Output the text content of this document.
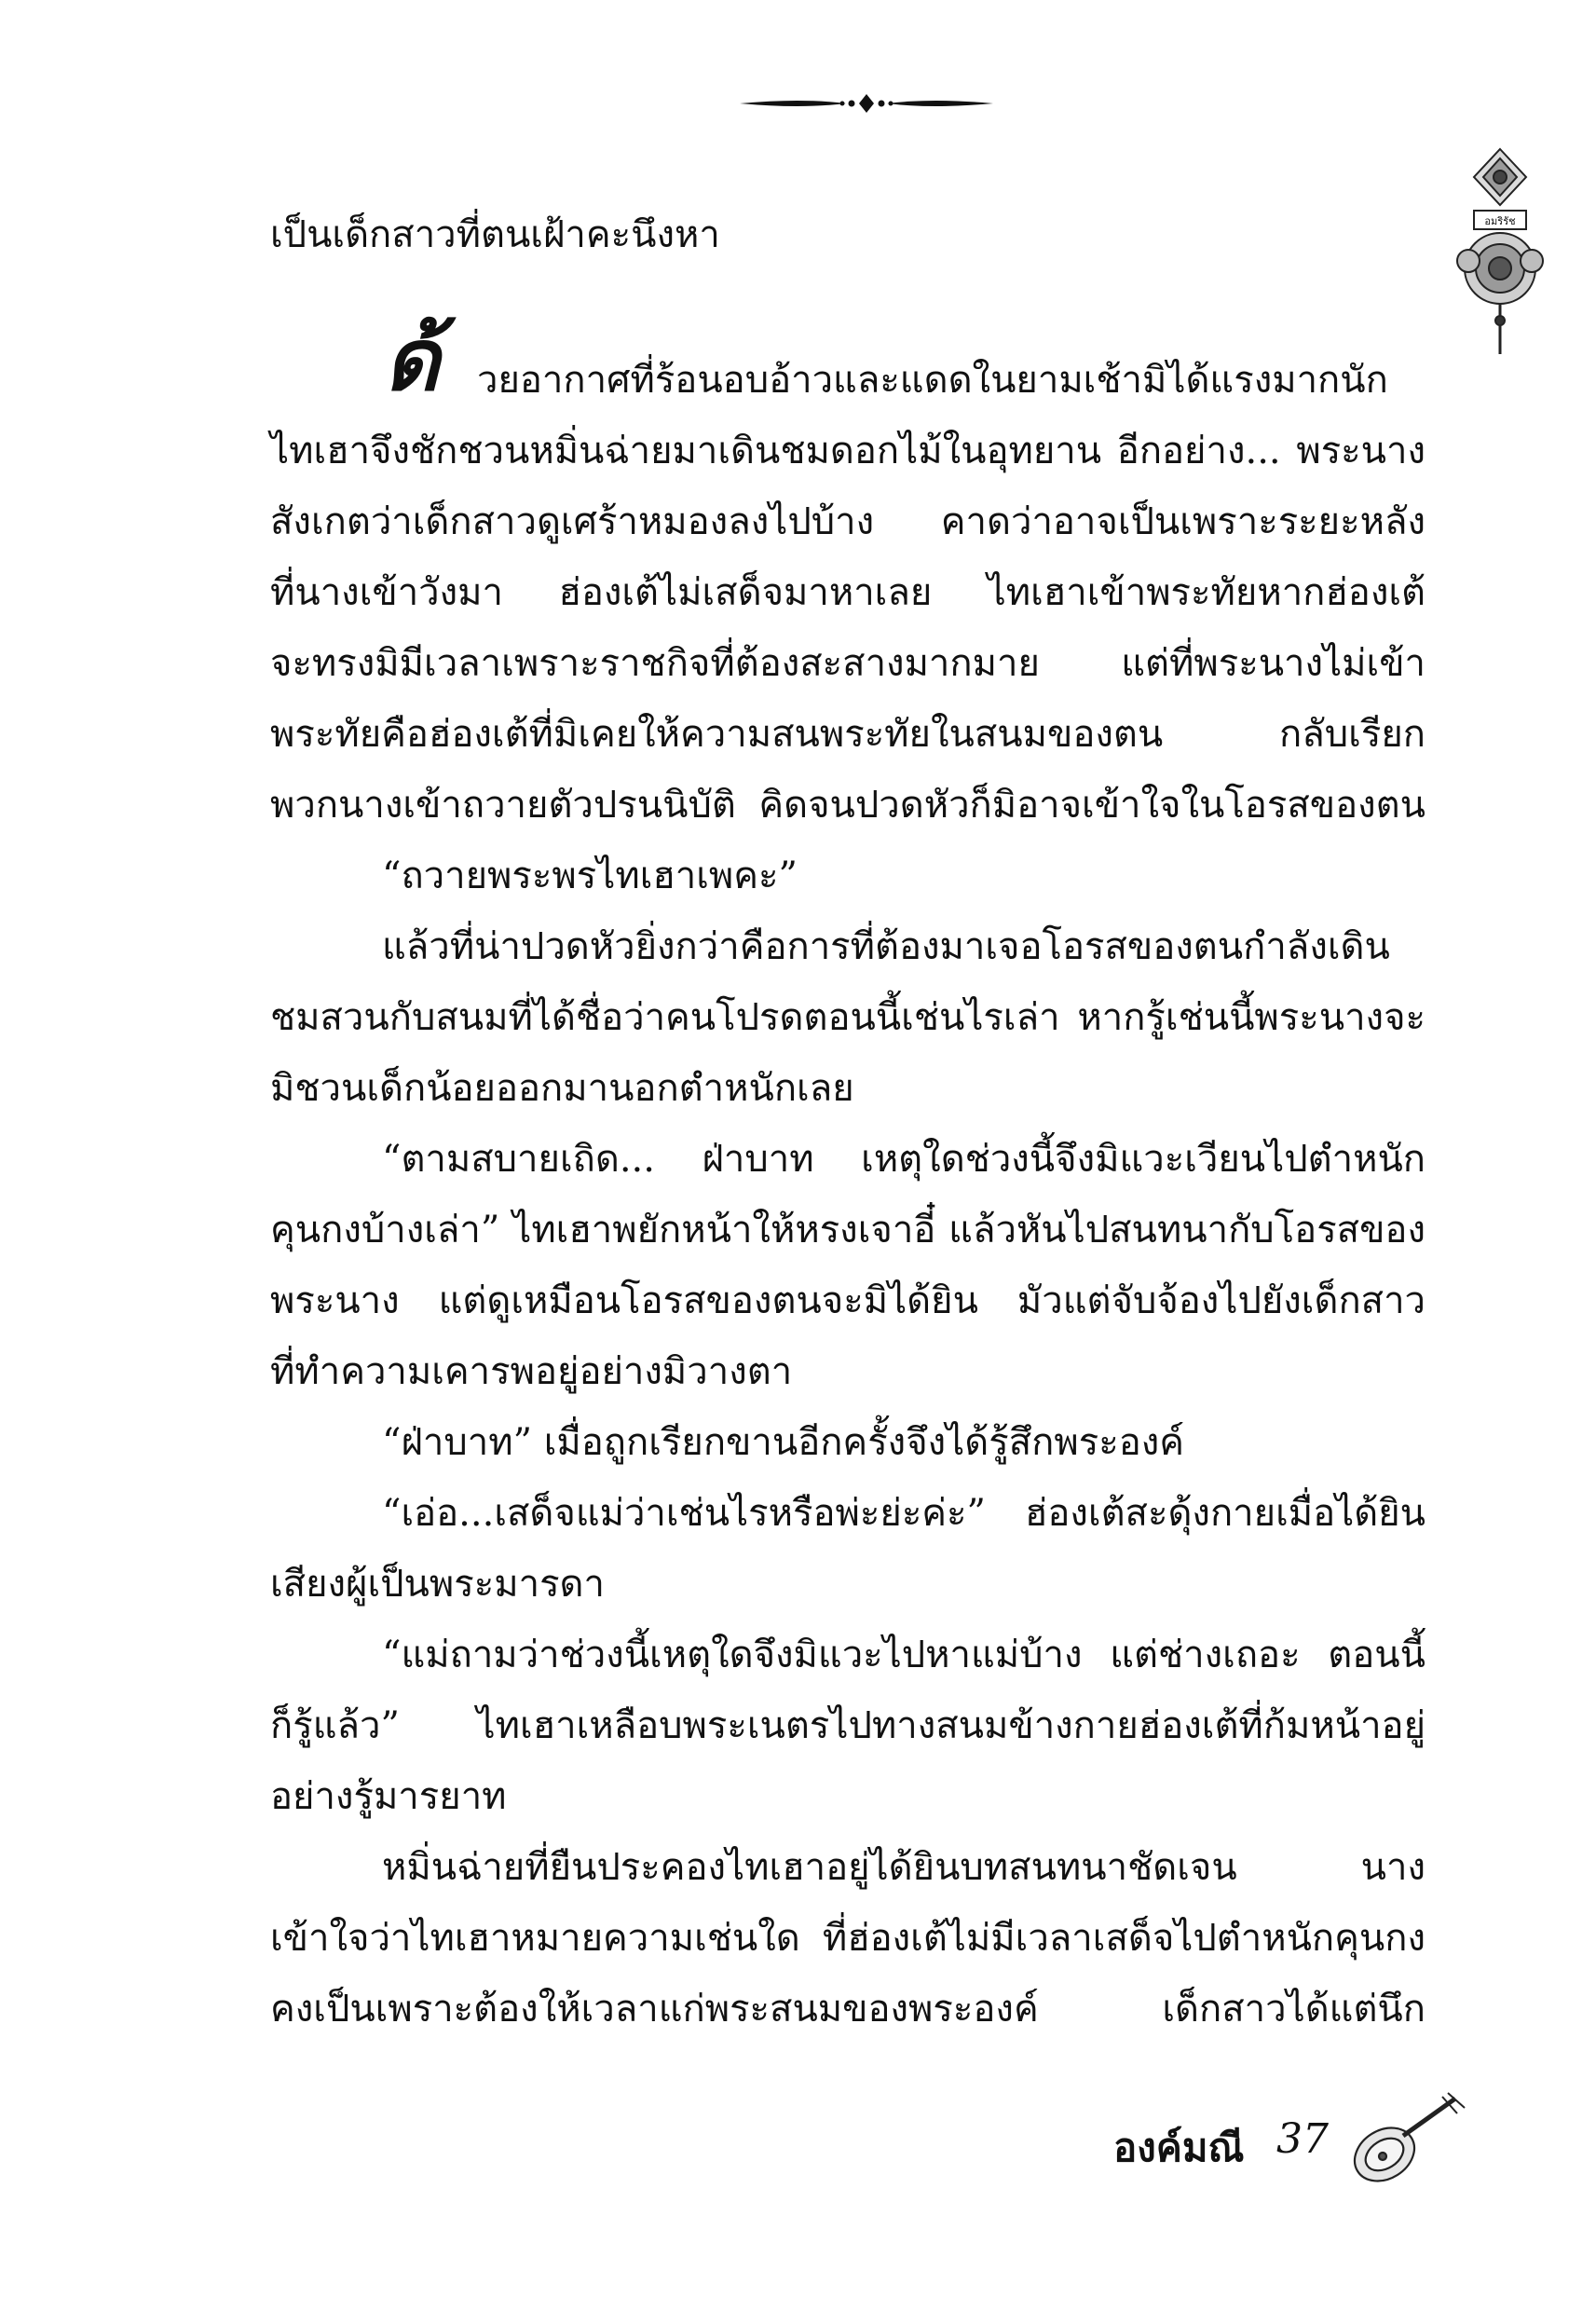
อมริรัช
เป็นเด็กสาวที่ตนเฝ้าคะนึงหา
ด้ วยอากาศที่ร้อนอบอ้าวและแดดในยามเช้ามิได้แรงมากนัก
ไทเฮาจึงชักชวนหมิ่นฉ่ายมาเดินชมดอกไม้ในอุทยาน อีกอย่าง... พระนาง
สังเกตว่าเด็กสาวดูเศร้าหมองลงไปบ้าง คาดว่าอาจเป็นเพราะระยะหลัง
ที่นางเข้าวังมา ฮ่องเต้ไม่เสด็จมาหาเลย ไทเฮาเข้าพระทัยหากฮ่องเต้
จะทรงมิมีเวลาเพราะราชกิจที่ต้องสะสางมากมาย แต่ที่พระนางไม่เข้า
พระทัยคือฮ่องเต้ที่มิเคยให้ความสนพระทัยในสนมของตน กลับเรียก
พวกนางเข้าถวายตัวปรนนิบัติ คิดจนปวดหัวก็มิอาจเข้าใจในโอรสของตน
“ถวายพระพรไทเฮาเพคะ”
แล้วที่น่าปวดหัวยิ่งกว่าคือการที่ต้องมาเจอโอรสของตนกำลังเดิน
ชมสวนกับสนมที่ได้ชื่อว่าคนโปรดตอนนี้เช่นไรเล่า หากรู้เช่นนี้พระนางจะ
มิชวนเด็กน้อยออกมานอกตำหนักเลย
“ตามสบายเถิด... ฝ่าบาท เหตุใดช่วงนี้จึงมิแวะเวียนไปตำหนัก
คุนกงบ้างเล่า” ไทเฮาพยักหน้าให้หรงเจาอี๋ แล้วหันไปสนทนากับโอรสของ
พระนาง แต่ดูเหมือนโอรสของตนจะมิได้ยิน มัวแต่จับจ้องไปยังเด็กสาว
ที่ทำความเคารพอยู่อย่างมิวางตา
“ฝ่าบาท” เมื่อถูกเรียกขานอีกครั้งจึงได้รู้สึกพระองค์
“เอ่อ...เสด็จแม่ว่าเช่นไรหรือพ่ะย่ะค่ะ” ฮ่องเต้สะดุ้งกายเมื่อได้ยิน
เสียงผู้เป็นพระมารดา
“แม่ถามว่าช่วงนี้เหตุใดจึงมิแวะไปหาแม่บ้าง แต่ช่างเถอะ ตอนนี้
ก็รู้แล้ว” ไทเฮาเหลือบพระเนตรไปทางสนมข้างกายฮ่องเต้ที่ก้มหน้าอยู่
อย่างรู้มารยาท
หมิ่นฉ่ายที่ยืนประคองไทเฮาอยู่ได้ยินบทสนทนาชัดเจน นาง
เข้าใจว่าไทเฮาหมายความเช่นใด ที่ฮ่องเต้ไม่มีเวลาเสด็จไปตำหนักคุนกง
คงเป็นเพราะต้องให้เวลาแก่พระสนมของพระองค์ เด็กสาวได้แต่นึก
องค์มณี 37
